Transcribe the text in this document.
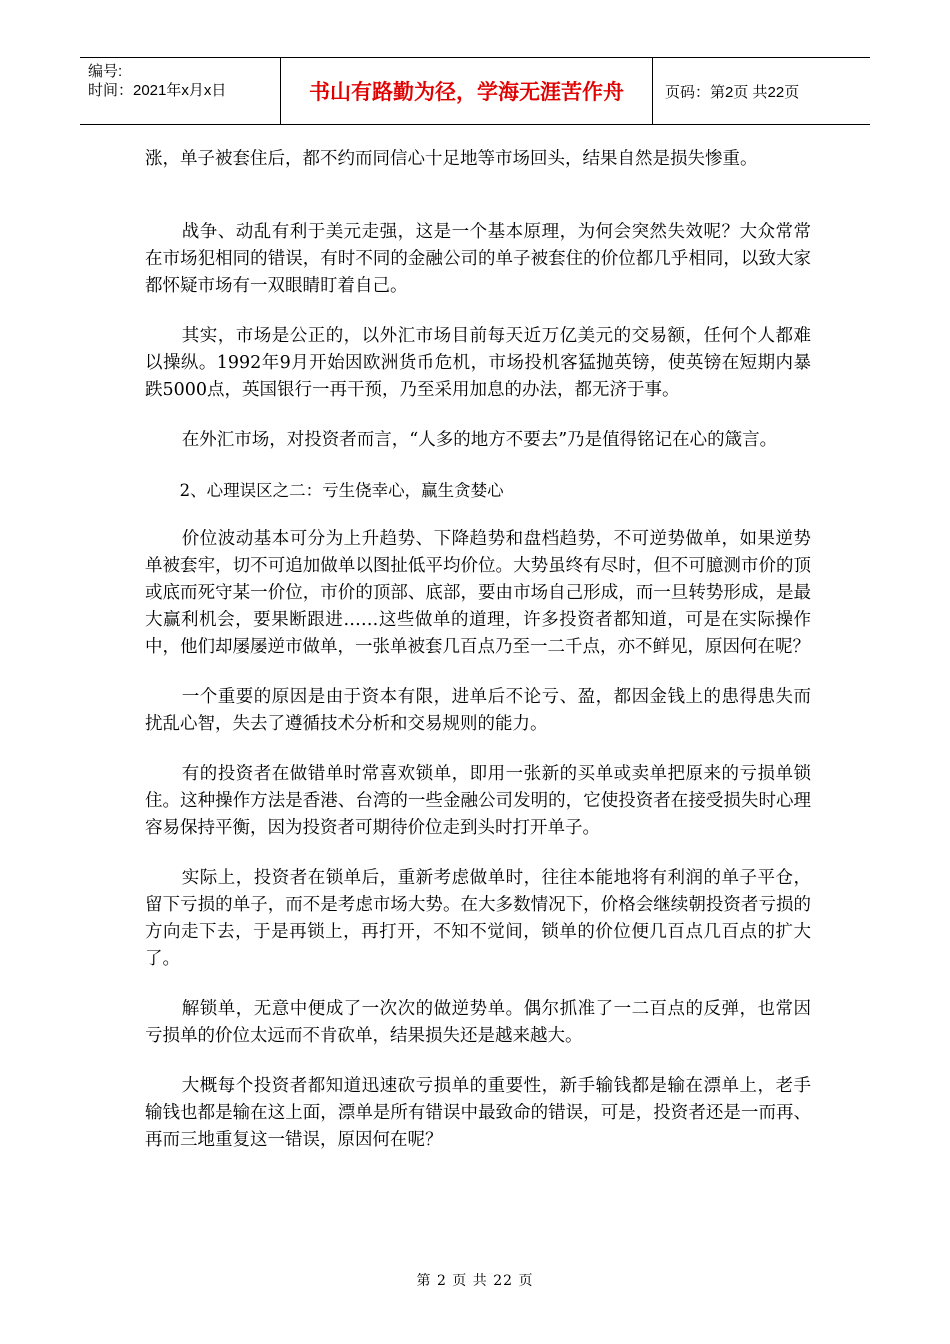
编号:
时间：2021年x月x日	书山有路勤为径，学海无涯苦作舟	页码：第2页 共22页

涨，单子被套住后，都不约而同信心十足地等市场回头，结果自然是损失惨重。

战争、动乱有利于美元走强，这是一个基本原理，为何会突然失效呢？大众常常在市场犯相同的错误，有时不同的金融公司的单子被套住的价位都几乎相同，以致大家都怀疑市场有一双眼睛盯着自己。

其实，市场是公正的，以外汇市场目前每天近万亿美元的交易额，任何个人都难以操纵。1992年9月开始因欧洲货币危机，市场投机客猛抛英镑，使英镑在短期内暴跌5000点，英国银行一再干预，乃至采用加息的办法，都无济于事。

在外汇市场，对投资者而言，“人多的地方不要去”乃是值得铭记在心的箴言。

2、心理误区之二：亏生侥幸心，赢生贪婪心

价位波动基本可分为上升趋势、下降趋势和盘档趋势，不可逆势做单，如果逆势单被套牢，切不可追加做单以图扯低平均价位。大势虽终有尽时，但不可臆测市价的顶或底而死守某一价位，市价的顶部、底部，要由市场自己形成，而一旦转势形成，是最大赢利机会，要果断跟进……这些做单的道理，许多投资者都知道，可是在实际操作中，他们却屡屡逆市做单，一张单被套几百点乃至一二千点，亦不鲜见，原因何在呢？

一个重要的原因是由于资本有限，进单后不论亏、盈，都因金钱上的患得患失而扰乱心智，失去了遵循技术分析和交易规则的能力。

有的投资者在做错单时常喜欢锁单，即用一张新的买单或卖单把原来的亏损单锁住。这种操作方法是香港、台湾的一些金融公司发明的，它使投资者在接受损失时心理容易保持平衡，因为投资者可期待价位走到头时打开单子。

实际上，投资者在锁单后，重新考虑做单时，往往本能地将有利润的单子平仓，留下亏损的单子，而不是考虑市场大势。在大多数情况下，价格会继续朝投资者亏损的方向走下去，于是再锁上，再打开，不知不觉间，锁单的价位便几百点几百点的扩大了。

解锁单，无意中便成了一次次的做逆势单。偶尔抓准了一二百点的反弹，也常因亏损单的价位太远而不肯砍单，结果损失还是越来越大。

大概每个投资者都知道迅速砍亏损单的重要性，新手输钱都是输在漂单上，老手输钱也都是输在这上面，漂单是所有错误中最致命的错误，可是，投资者还是一而再、再而三地重复这一错误，原因何在呢？

第 2 页 共 22 页
